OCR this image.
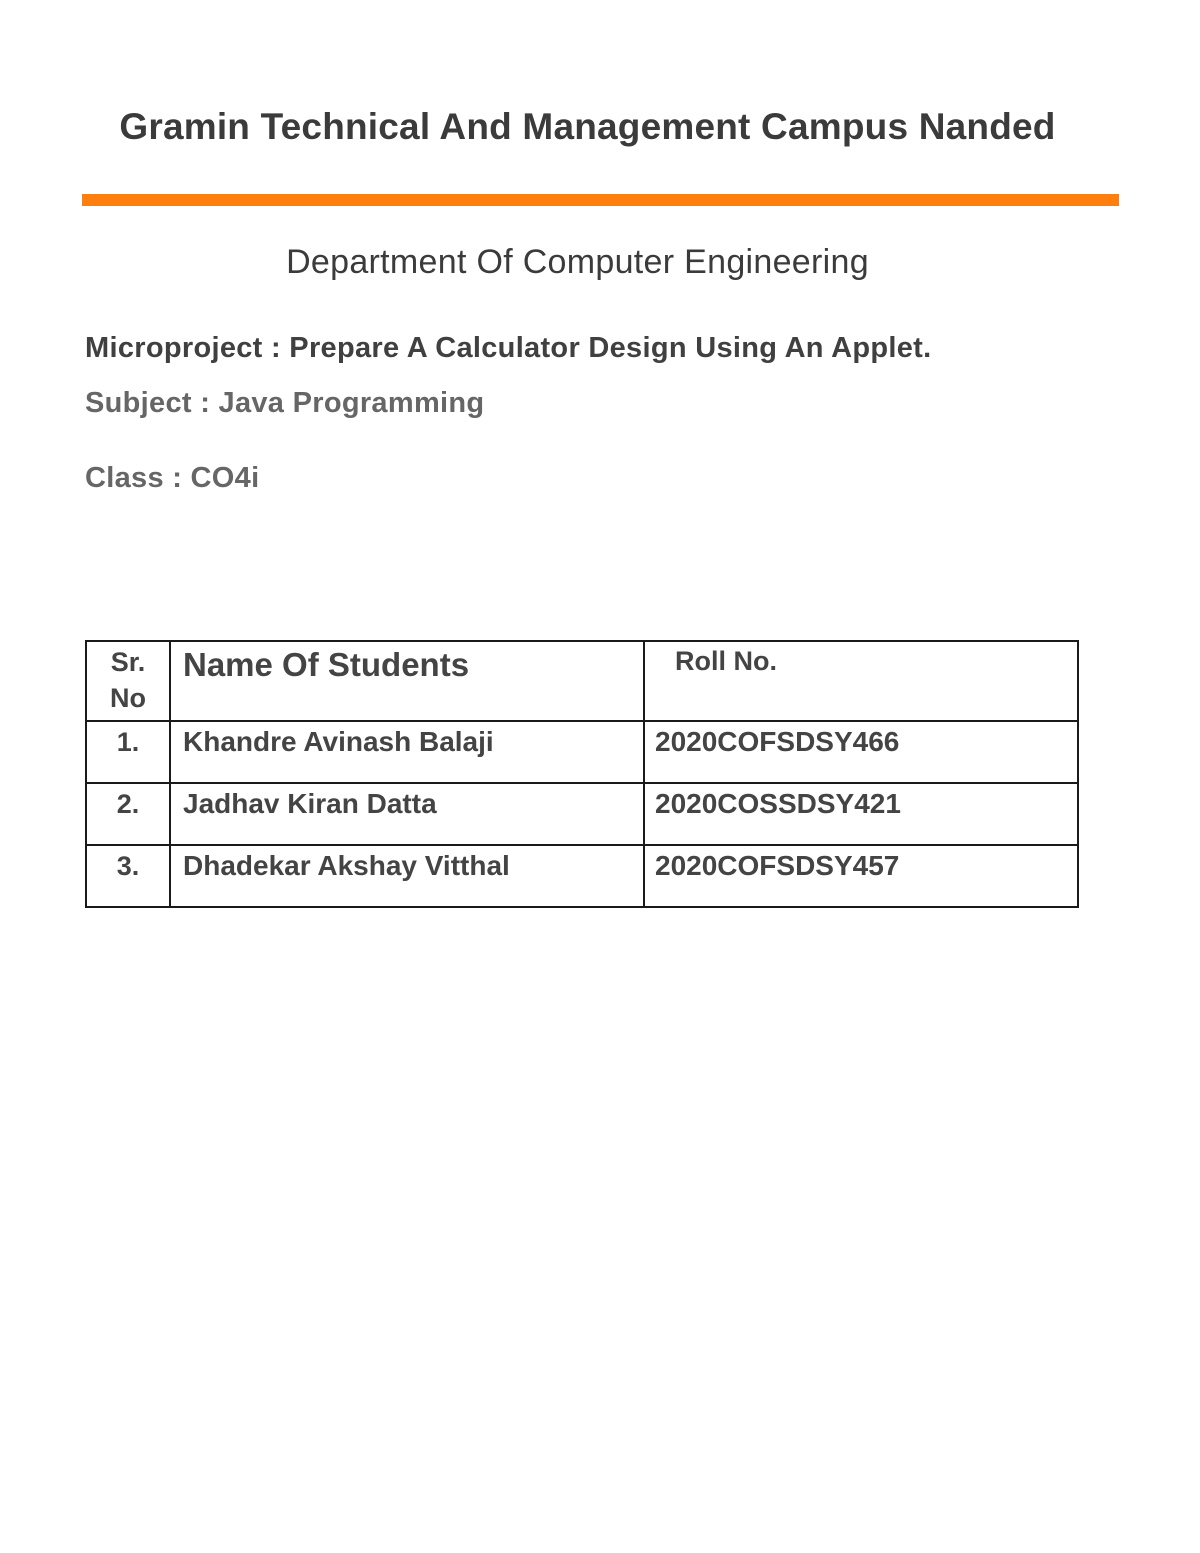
Gramin Technical And Management Campus Nanded
Department Of Computer Engineering
Microproject : Prepare A Calculator Design Using An Applet.
Subject : Java Programming
Class : CO4i
Sr.
No	Name Of Students	Roll No.
1.	Khandre Avinash Balaji	2020COFSDSY466
2.	Jadhav Kiran Datta	2020COSSDSY421
3.	Dhadekar Akshay Vitthal	2020COFSDSY457
